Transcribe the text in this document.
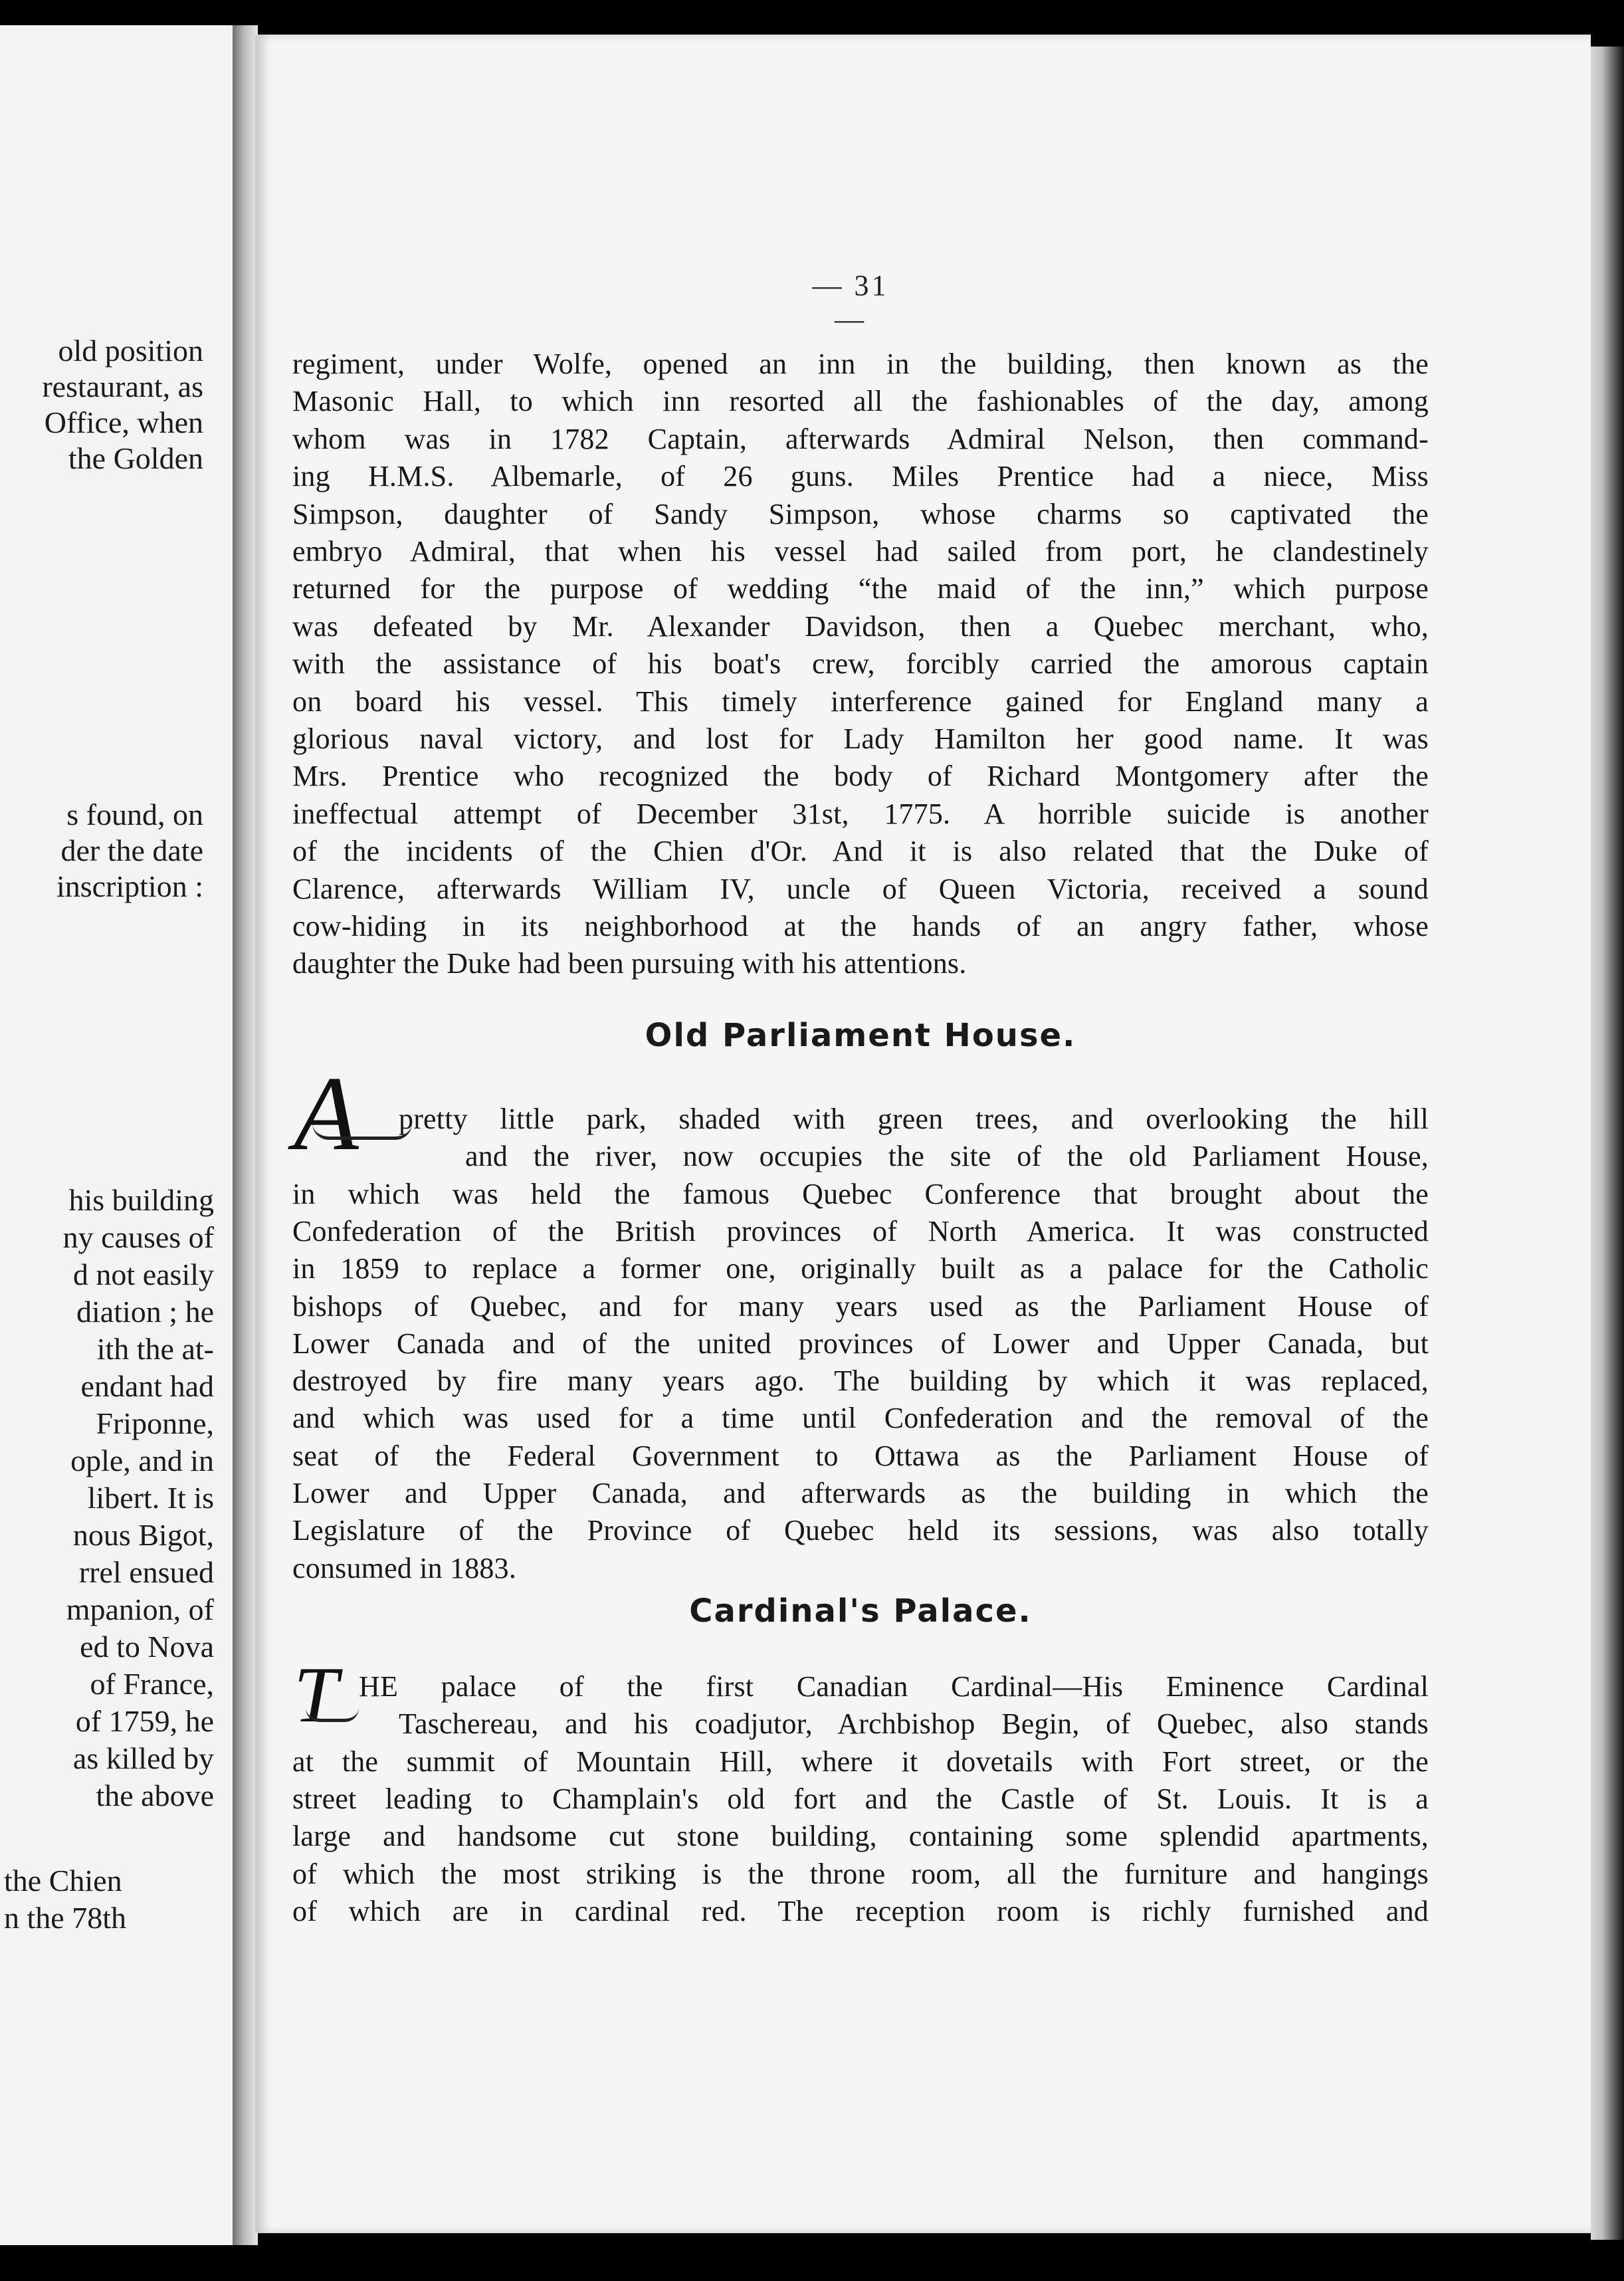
old position
restaurant, as
Office, when
the Golden
s found, on
der the date
inscription :
his building
ny causes of
d not easily
diation ; he
ith the at-
endant had
Friponne,
ople, and in
libert. It is
nous Bigot,
rrel ensued
mpanion, of
ed to Nova
of France,
of 1759, he
as killed by
the above
the Chien
n the 78th
— 31 —
regiment, under Wolfe, opened an inn in the building, then known as the
Masonic Hall, to which inn resorted all the fashionables of the day, among
whom was in 1782 Captain, afterwards Admiral Nelson, then command-
ing H.M.S. Albemarle, of 26 guns. Miles Prentice had a niece, Miss
Simpson, daughter of Sandy Simpson, whose charms so captivated the
embryo Admiral, that when his vessel had sailed from port, he clandestinely
returned for the purpose of wedding “the maid of the inn,” which purpose
was defeated by Mr. Alexander Davidson, then a Quebec merchant, who,
with the assistance of his boat's crew, forcibly carried the amorous captain
on board his vessel. This timely interference gained for England many a
glorious naval victory, and lost for Lady Hamilton her good name. It was
Mrs. Prentice who recognized the body of Richard Montgomery after the
ineffectual attempt of December 31st, 1775. A horrible suicide is another
of the incidents of the Chien d'Or. And it is also related that the Duke of
Clarence, afterwards William IV, uncle of Queen Victoria, received a sound
cow-hiding in its neighborhood at the hands of an angry father, whose
daughter the Duke had been pursuing with his attentions.
Old Parliament House.
A pretty little park, shaded with green trees, and overlooking the hill
and the river, now occupies the site of the old Parliament House,
in which was held the famous Quebec Conference that brought about the
Confederation of the British provinces of North America. It was constructed
in 1859 to replace a former one, originally built as a palace for the Catholic
bishops of Quebec, and for many years used as the Parliament House of
Lower Canada and of the united provinces of Lower and Upper Canada, but
destroyed by fire many years ago. The building by which it was replaced,
and which was used for a time until Confederation and the removal of the
seat of the Federal Government to Ottawa as the Parliament House of
Lower and Upper Canada, and afterwards as the building in which the
Legislature of the Province of Quebec held its sessions, was also totally
consumed in 1883.
Cardinal's Palace.
T HE palace of the first Canadian Cardinal—His Eminence Cardinal
Taschereau, and his coadjutor, Archbishop Begin, of Quebec, also stands
at the summit of Mountain Hill, where it dovetails with Fort street, or the
street leading to Champlain's old fort and the Castle of St. Louis. It is a
large and handsome cut stone building, containing some splendid apartments,
of which the most striking is the throne room, all the furniture and hangings
of which are in cardinal red. The reception room is richly furnished and
